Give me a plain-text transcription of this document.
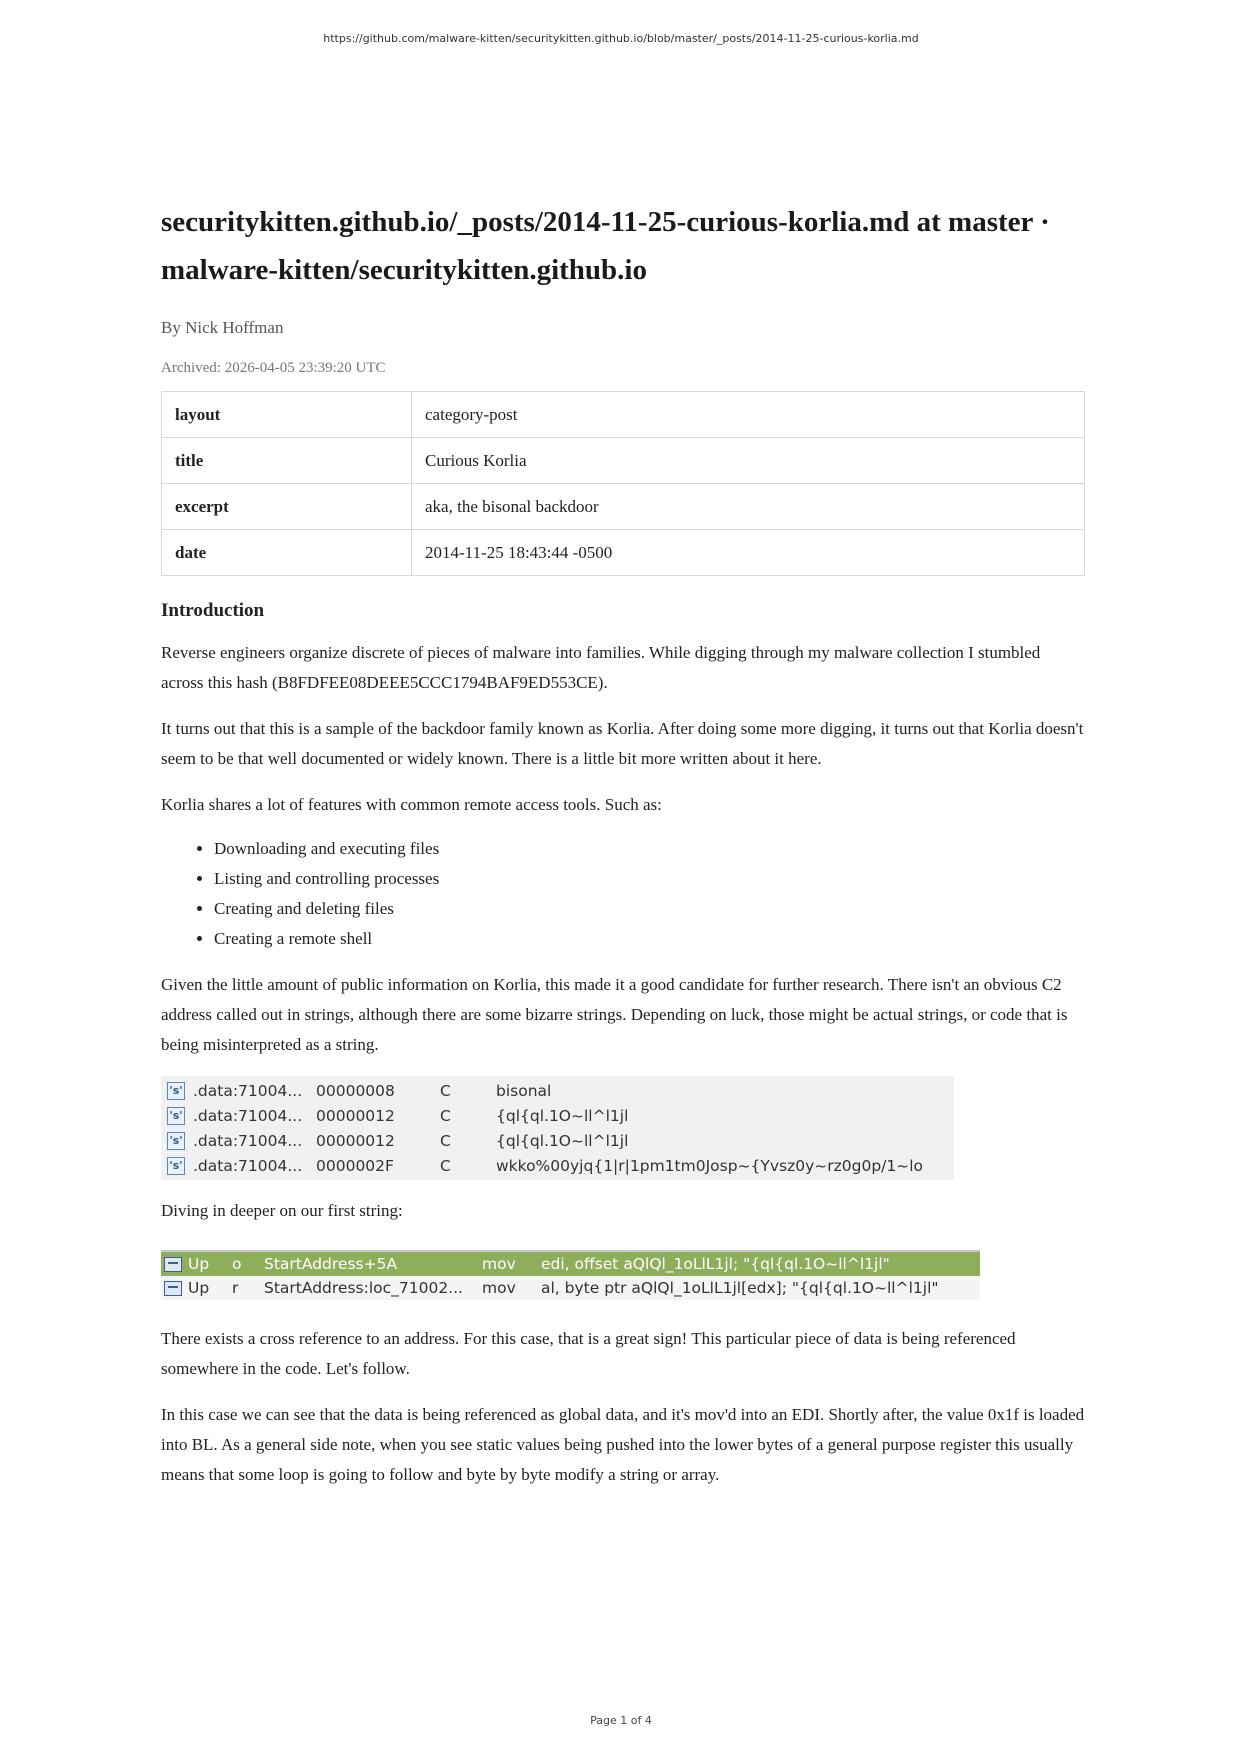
https://github.com/malware-kitten/securitykitten.github.io/blob/master/_posts/2014-11-25-curious-korlia.md
securitykitten.github.io/_posts/2014-11-25-curious-korlia.md at master · malware-kitten/securitykitten.github.io
By Nick Hoffman
Archived: 2026-04-05 23:39:20 UTC
layout	category-post
title	Curious Korlia
excerpt	aka, the bisonal backdoor
date	2014-11-25 18:43:44 -0500
Introduction

Reverse engineers organize discrete of pieces of malware into families. While digging through my malware collection I stumbled across this hash (B8FDFEE08DEEE5CCC1794BAF9ED553CE).

It turns out that this is a sample of the backdoor family known as Korlia. After doing some more digging, it turns out that Korlia doesn't seem to be that well documented or widely known. There is a little bit more written about it here.

Korlia shares a lot of features with common remote access tools. Such as:

• Downloading and executing files
• Listing and controlling processes
• Creating and deleting files
• Creating a remote shell

Given the little amount of public information on Korlia, this made it a good candidate for further research. There isn't an obvious C2 address called out in strings, although there are some bizarre strings. Depending on luck, those might be actual strings, or code that is being misinterpreted as a string.

's' .data:71004... 00000008	C	bisonal
's' .data:71004... 00000012	C	{ql{ql.1O~ll^l1jl
's' .data:71004... 00000012	C	{ql{ql.1O~ll^l1jl
's' .data:71004... 0000002F	C	wkko%00yjq{1|r|1pm1tm0Josp~{Yvsz0y~rz0g0p/1~lo

Diving in deeper on our first string:

Up	o	StartAddress+5A	mov	edi, offset aQlQl_1oLlL1jl; "{ql{ql.1O~ll^l1jl"
Up	r	StartAddress:loc_71002...	mov	al, byte ptr aQlQl_1oLlL1jl[edx]; "{ql{ql.1O~ll^l1jl"

There exists a cross reference to an address. For this case, that is a great sign! This particular piece of data is being referenced somewhere in the code. Let's follow.

In this case we can see that the data is being referenced as global data, and it's mov'd into an EDI. Shortly after, the value 0x1f is loaded into BL. As a general side note, when you see static values being pushed into the lower bytes of a general purpose register this usually means that some loop is going to follow and byte by byte modify a string or array.

Page 1 of 4
